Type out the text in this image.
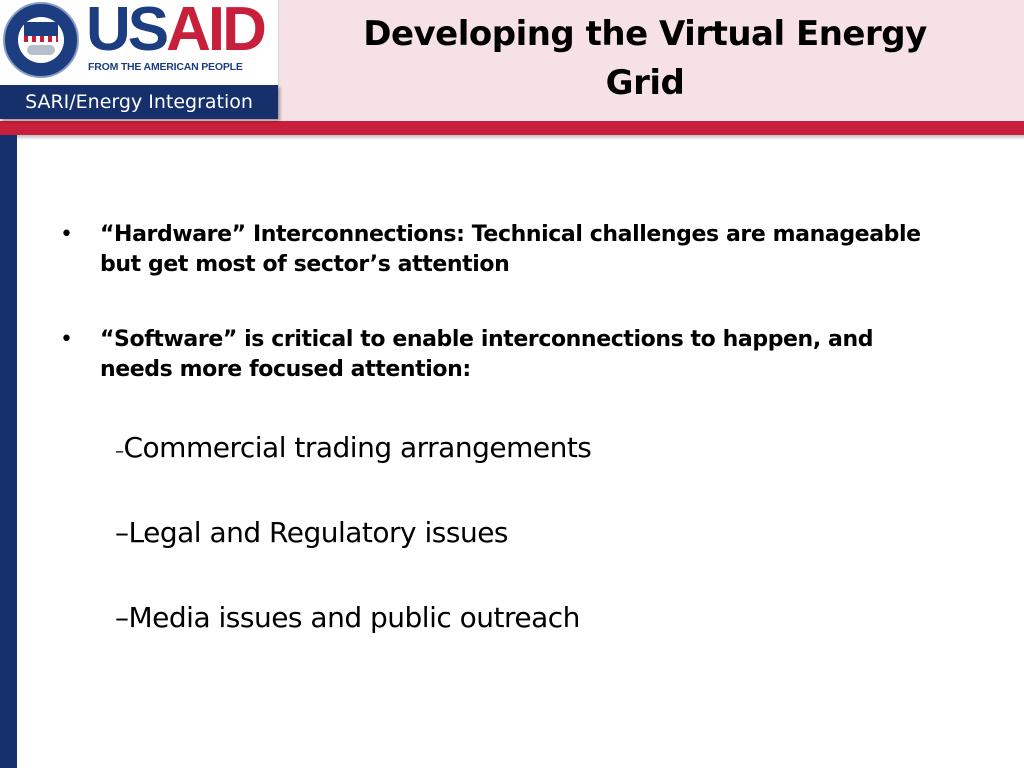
USAID
FROM THE AMERICAN PEOPLE
SARI/Energy Integration
Developing the Virtual Energy
Grid
•	“Hardware” Interconnections: Technical challenges are manageable but get most of sector’s attention
•	“Software” is critical to enable interconnections to happen, and needs more focused attention:
–Commercial trading arrangements
–Legal and Regulatory issues
–Media issues and public outreach
